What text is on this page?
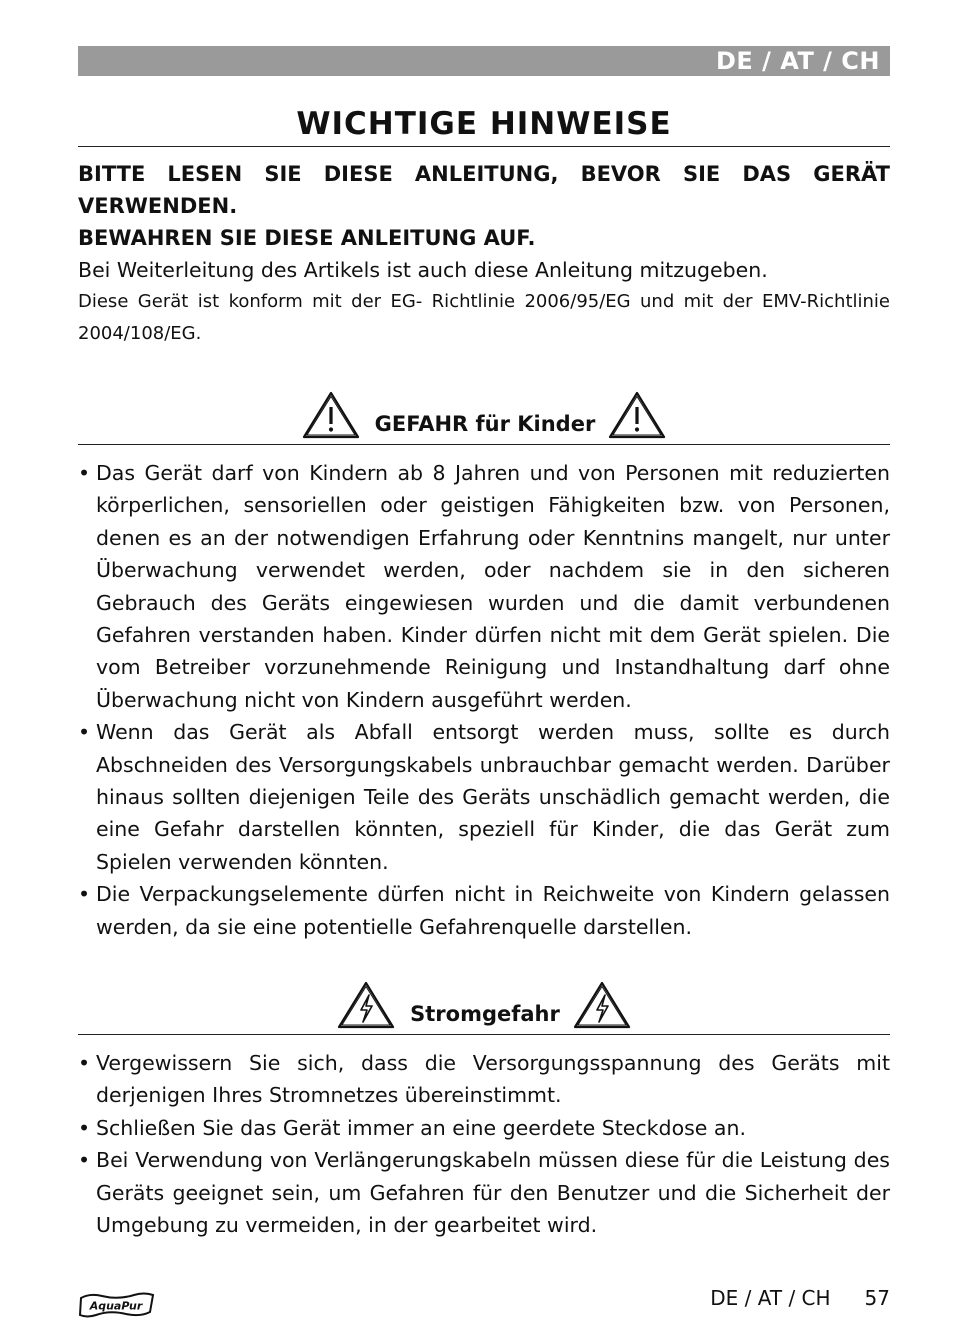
DE / AT / CH
WICHTIGE HINWEISE

BITTE LESEN SIE DIESE ANLEITUNG, BEVOR SIE DAS GERÄT VERWENDEN.

BEWAHREN SIE DIESE ANLEITUNG AUF.

Bei Weiterleitung des Artikels ist auch diese Anleitung mitzugeben.

Diese Gerät ist konform mit der EG- Richtlinie 2006/95/EG und mit der EMV-Richtlinie 2004/108/EG.

GEFAHR für Kinder
• Das Gerät darf von Kindern ab 8 Jahren und von Personen mit reduzierten körperlichen, sensoriellen oder geistigen Fähigkeiten bzw. von Personen, denen es an der notwendigen Erfahrung oder Kenntnins mangelt, nur unter Überwachung verwendet werden, oder nachdem sie in den sicheren Gebrauch des Geräts eingewiesen wurden und die damit verbundenen Gefahren verstanden haben. Kinder dürfen nicht mit dem Gerät spielen. Die vom Betreiber vorzunehmende Reinigung und Instandhaltung darf ohne Überwachung nicht von Kindern ausgeführt werden.
• Wenn das Gerät als Abfall entsorgt werden muss, sollte es durch Abschneiden des Versorgungskabels unbrauchbar gemacht werden. Darüber hinaus sollten diejenigen Teile des Geräts unschädlich gemacht werden, die eine Gefahr darstellen könnten, speziell für Kinder, die das Gerät zum Spielen verwenden könnten.
• Die Verpackungselemente dürfen nicht in Reichweite von Kindern gelassen werden, da sie eine potentielle Gefahrenquelle darstellen.
Stromgefahr
• Vergewissern Sie sich, dass die Versorgungsspannung des Geräts mit derjenigen Ihres Stromnetzes übereinstimmt.
• Schließen Sie das Gerät immer an eine geerdete Steckdose an.
• Bei Verwendung von Verlängerungskabeln müssen diese für die Leistung des Geräts geeignet sein, um Gefahren für den Benutzer und die Sicherheit der Umgebung zu vermeiden, in der gearbeitet wird.
AquaPur	DE / AT / CH 57
